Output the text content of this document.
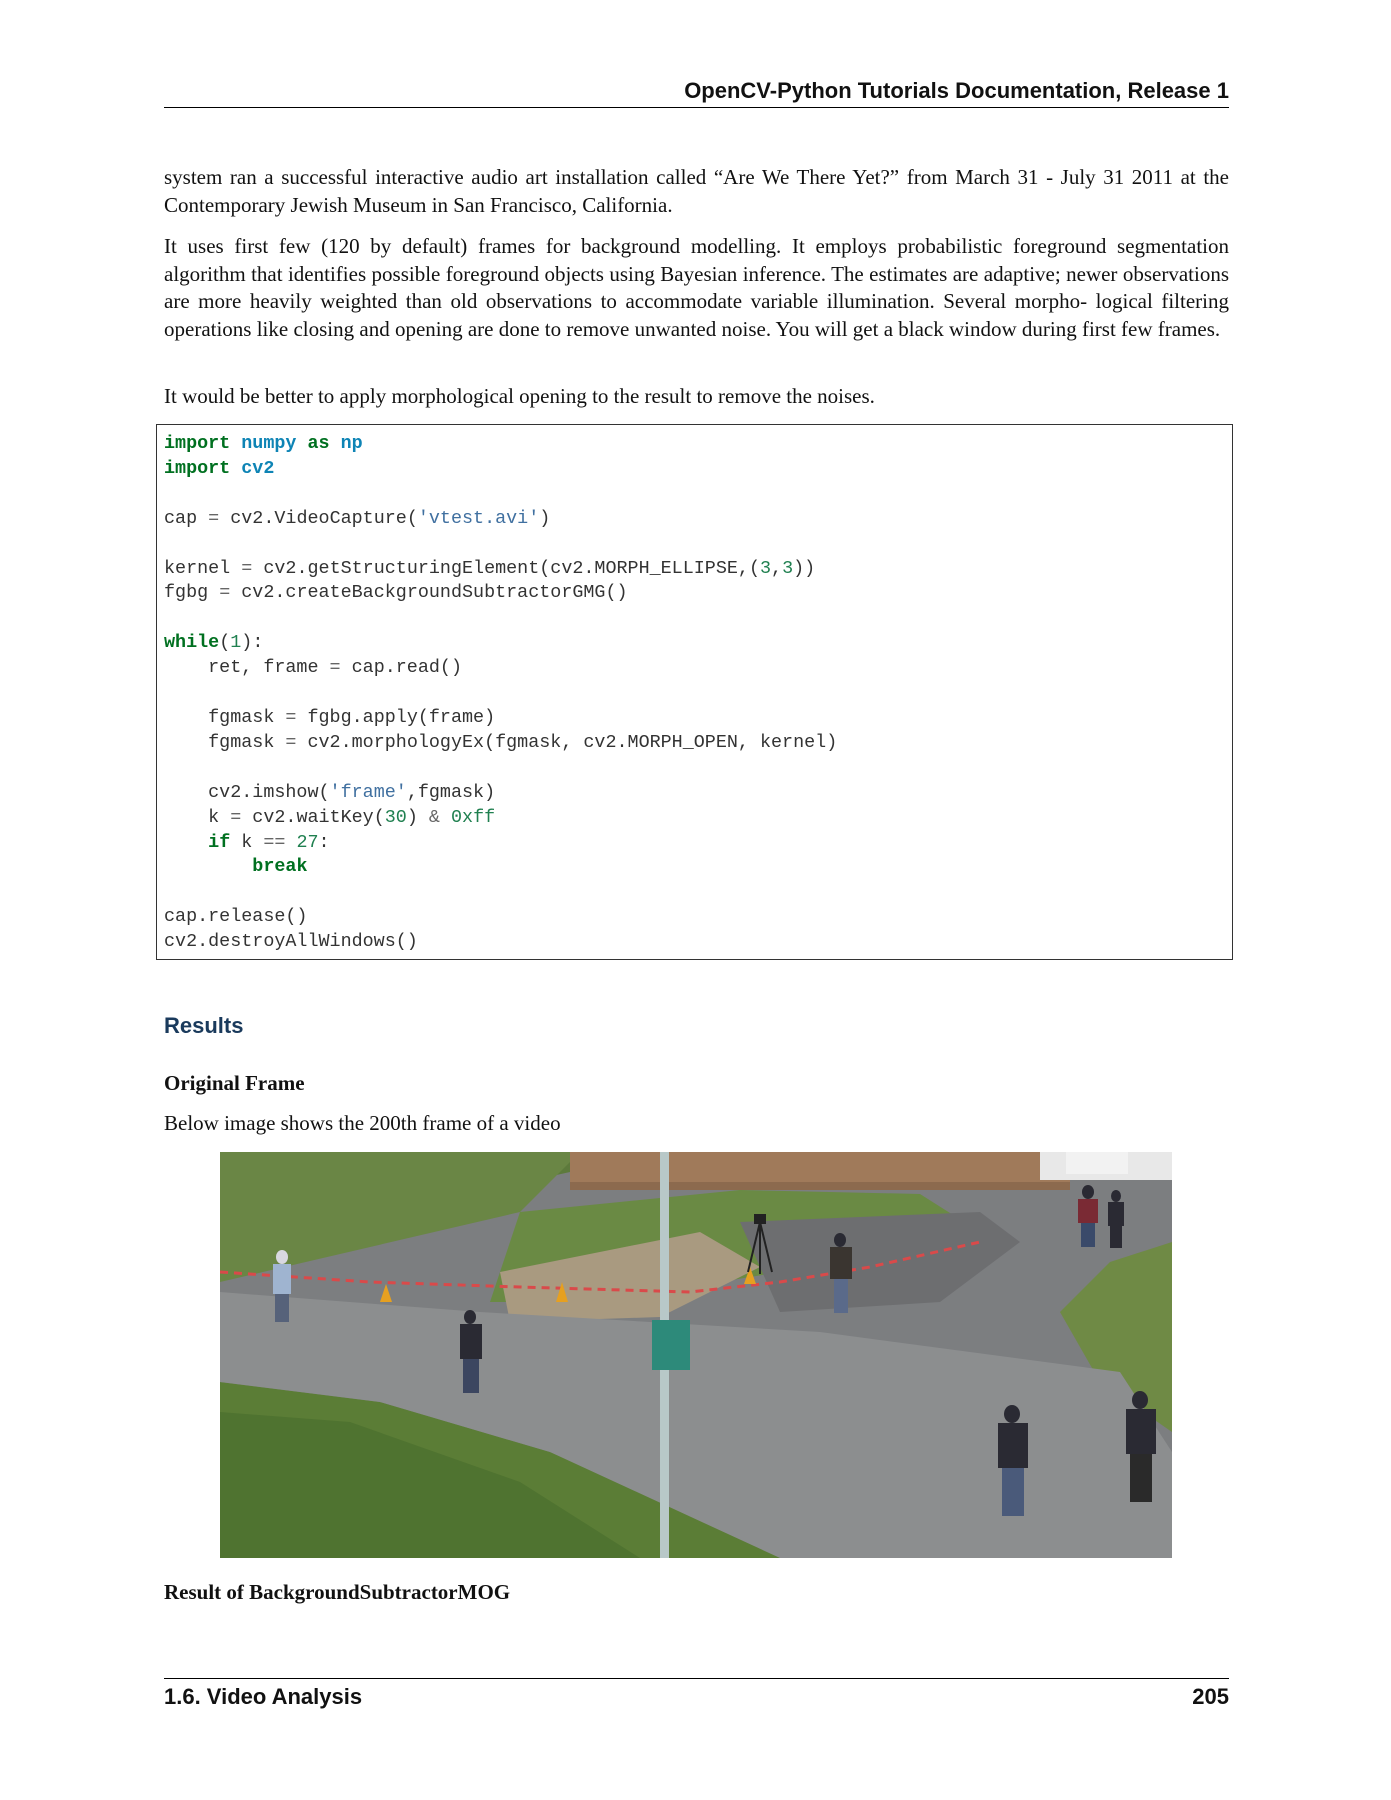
OpenCV-Python Tutorials Documentation, Release 1
system ran a successful interactive audio art installation called “Are We There Yet?” from March 31 - July 31 2011 at the Contemporary Jewish Museum in San Francisco, California.
It uses first few (120 by default) frames for background modelling. It employs probabilistic foreground segmentation algorithm that identifies possible foreground objects using Bayesian inference. The estimates are adaptive; newer observations are more heavily weighted than old observations to accommodate variable illumination. Several morpho- logical filtering operations like closing and opening are done to remove unwanted noise. You will get a black window during first few frames.
It would be better to apply morphological opening to the result to remove the noises.
import numpy as np
import cv2

cap = cv2.VideoCapture('vtest.avi')

kernel = cv2.getStructuringElement(cv2.MORPH_ELLIPSE,(3,3))
fgbg = cv2.createBackgroundSubtractorGMG()

while(1):
ret, frame = cap.read()

fgmask = fgbg.apply(frame)
fgmask = cv2.morphologyEx(fgmask, cv2.MORPH_OPEN, kernel)

cv2.imshow('frame',fgmask)
k = cv2.waitKey(30) & 0xff
if k == 27:
break

cap.release()
cv2.destroyAllWindows()
Results
Original Frame
Below image shows the 200th frame of a video
Result of BackgroundSubtractorMOG
1.6. Video Analysis	205
